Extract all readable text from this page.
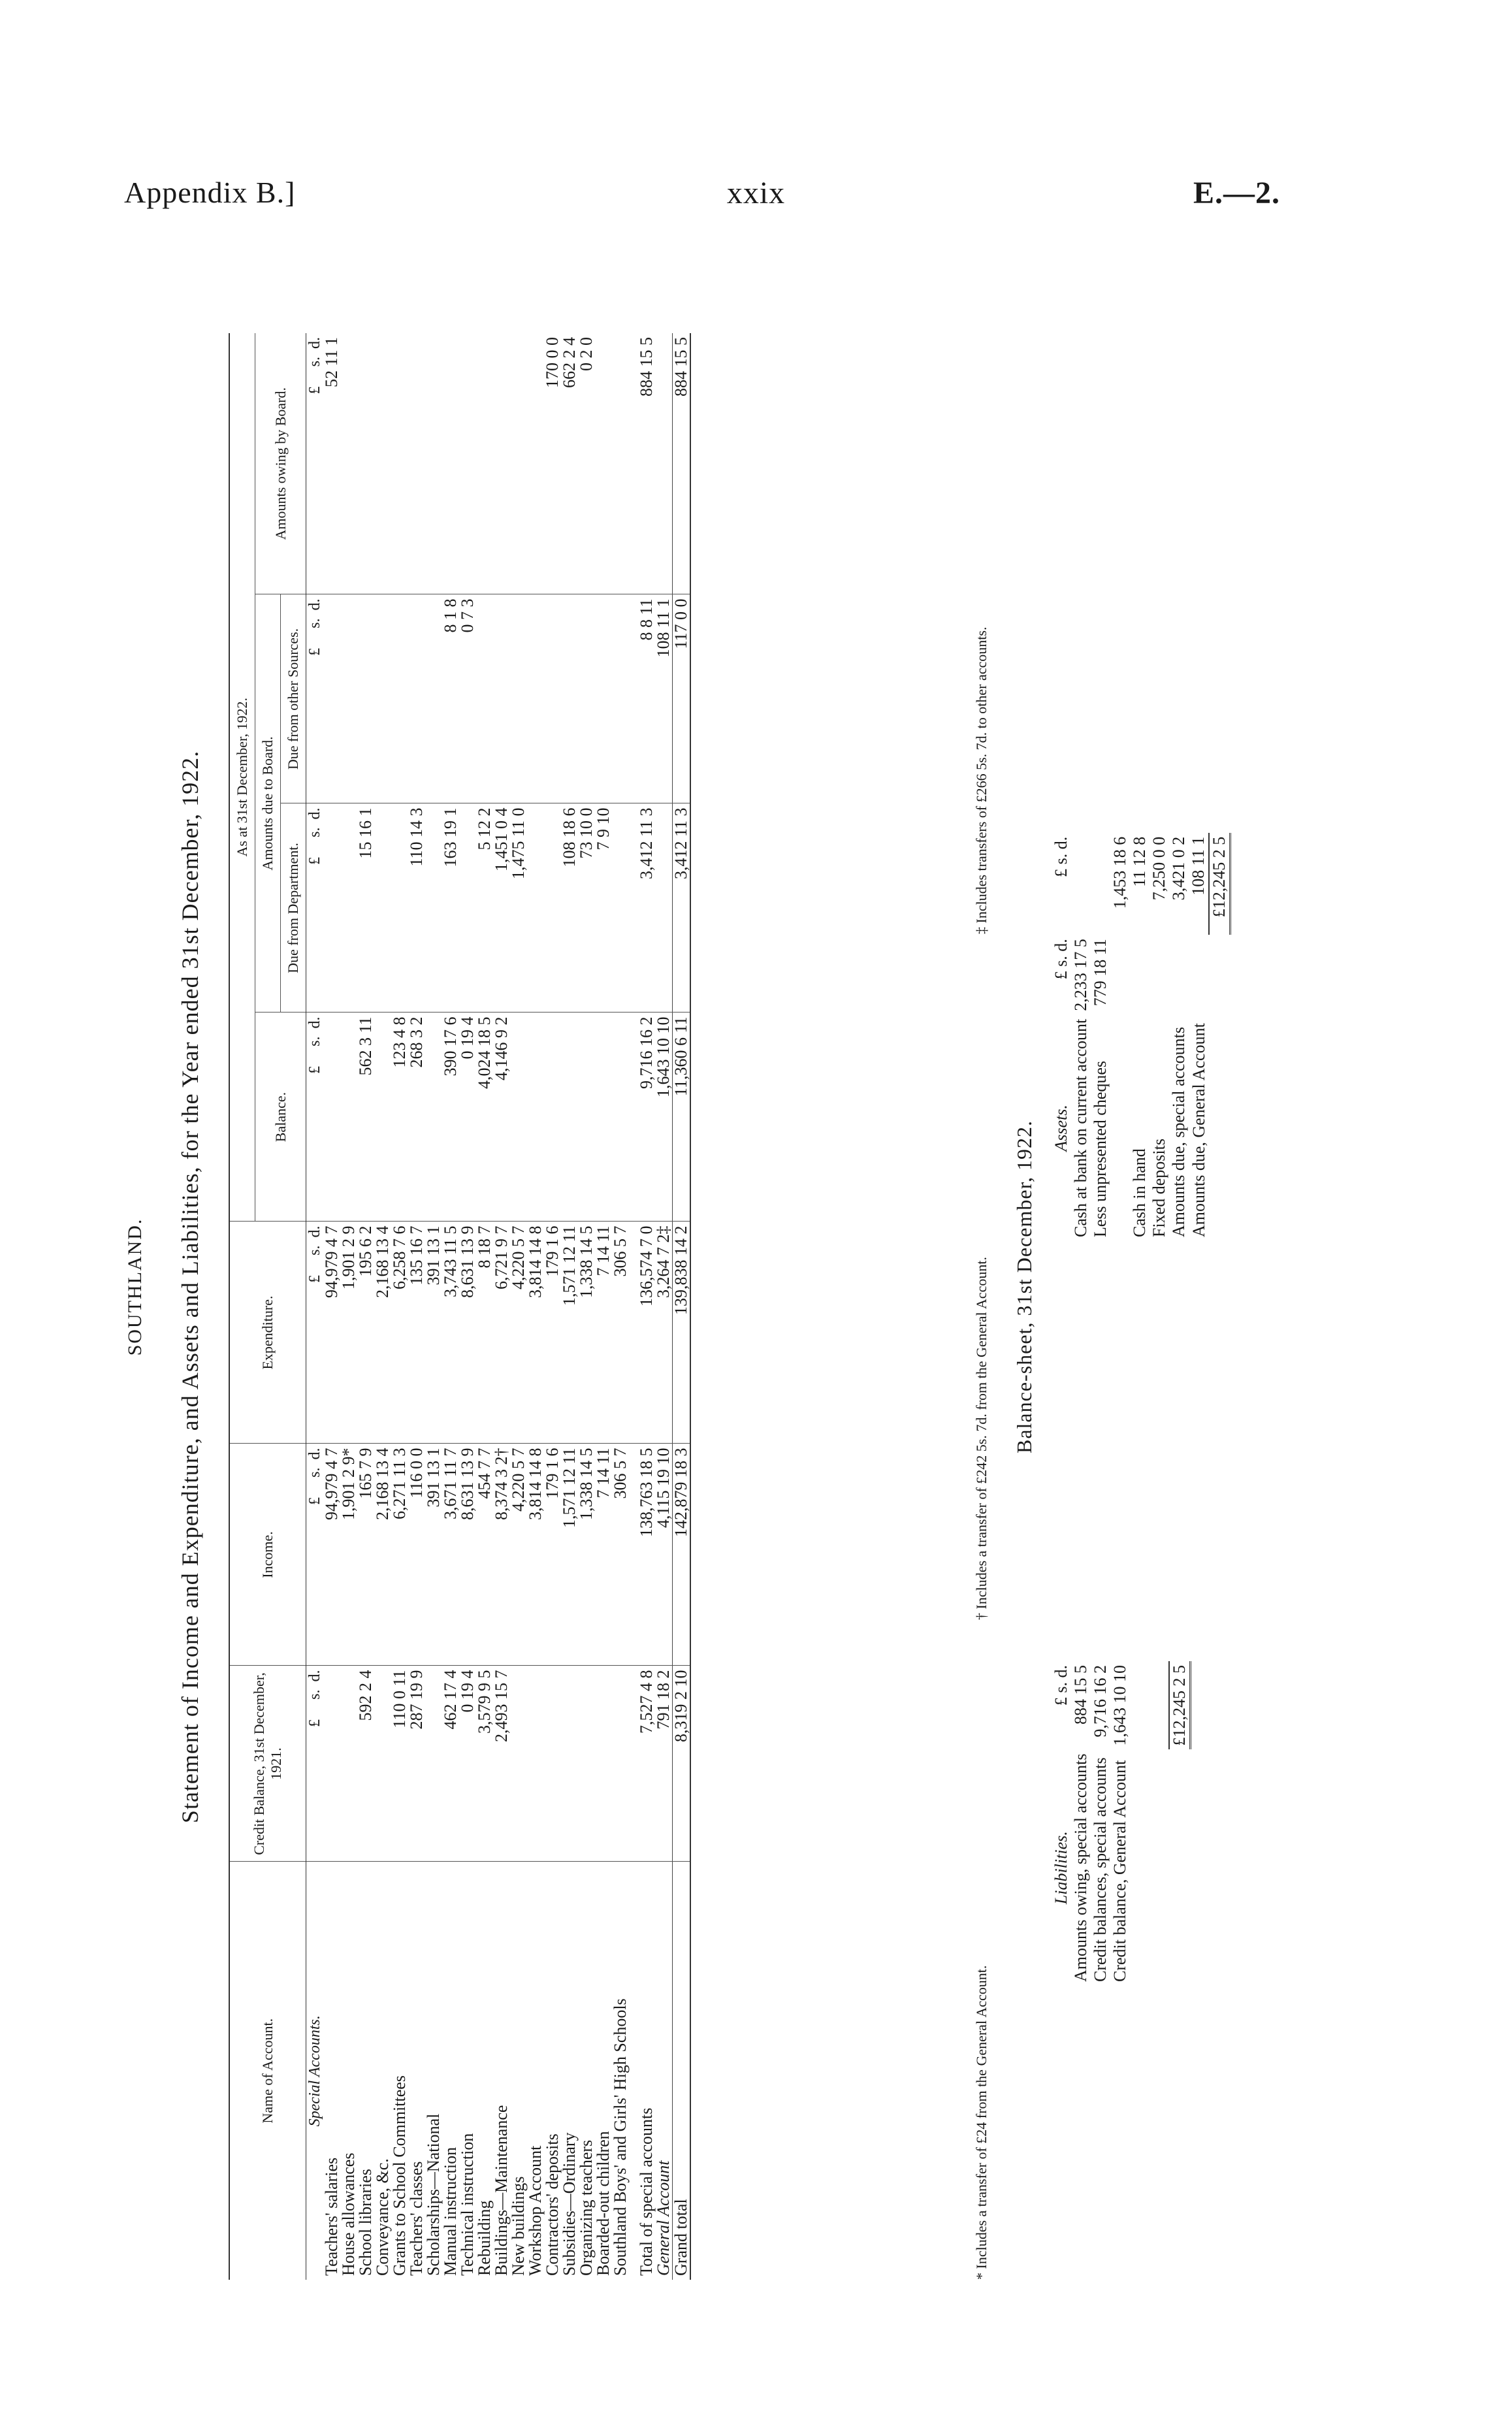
Appendix B.]	xxix	E.—2.
SOUTHLAND. Statement of Income and Expenditure, and Assets and Liabilities, for the Year ended 31st December, 1922.
Name of Account.	Credit Balance, 31st December, 1921.	Income.	Expenditure.	As at 31st December, 1922.			
				Balance.	Amounts due to Board.		Amounts owing by Board.
					Due from Department.	Due from other Sources.	
Special Accounts.	£     s.  d.	£     s.  d.	£     s.  d.	£     s.  d.	£     s.  d.	£     s.  d.	£     s.  d.
Teachers' salaries		94,979 4 7	94,979 4 7				52 11 1
House allowances		1,901 2 9*	1,901 2 9				
School libraries	592 2 4	165 7 9	195 6 2	562 3 11	15 16 1		
Conveyance, &c.		2,168 13 4	2,168 13 4				
Grants to School Committees	110 0 11	6,271 11 3	6,258 7 6	123 4 8			
Teachers' classes	287 19 9	116 0 0	135 16 7	268 3 2	110 14 3		
Scholarships—National		391 13 1	391 13 1				
Manual instruction	462 17 4	3,671 11 7	3,743 11 5	390 17 6	163 19 1	8 1 8	
Technical instruction	0 19 4	8,631 13 9	8,631 13 9	0 19 4		0 7 3	
Rebuilding	3,579 9 5	454 7 7	8 18 7	4,024 18 5	5 12 2		
Buildings—Maintenance	2,493 15 7	8,374 3 2†	6,721 9 7	4,146 9 2	1,451 0 4		
New buildings		4,220 5 7	4,220 5 7		1,475 11 0		
Workshop Account		3,814 14 8	3,814 14 8				
Contractors' deposits		179 1 6	179 1 6				170 0 0
Subsidies—Ordinary		1,571 12 11	1,571 12 11		108 18 6		662 2 4
Organizing teachers		1,338 14 5	1,338 14 5		73 10 0		0 2 0
Boarded-out children		7 14 11	7 14 11		7 9 10		
Southland Boys' and Girls' High Schools		306 5 7	306 5 7				

Total of special accounts	7,527 4 8	138,763 18 5	136,574 7 0	9,716 16 2	3,412 11 3	8 8 11	884 15 5
General Account	791 18 2	4,115 19 10	3,264 7 2‡	1,643 10 10		108 11 1	
Grand total	8,319 2 10	142,879 18 3	139,838 14 2	11,360 6 11	3,412 11 3	117 0 0	884 15 5
* Includes a transfer of £24 from the General Account.
† Includes a transfer of £242 5s. 7d. from the General Account.
‡ Includes transfers of £266 5s. 7d. to other accounts.
Balance-sheet, 31st December, 1922.
Liabilities.	£ s. d.
Amounts owing, special accounts	884 15 5
Credit balances, special accounts	9,716 16 2
Credit balance, General Account	1,643 10 10

	£12,245 2 5
Assets.	£ s. d.	£ s. d.
Cash at bank on current account	2,233 17 5	
Less unpresented cheques	779 18 11	
		1,453 18 6
Cash in hand		11 12 8
Fixed deposits		7,250 0 0
Amounts due, special accounts		3,421 0 2
Amounts due, General Account		108 11 1
		£12,245 2 5
